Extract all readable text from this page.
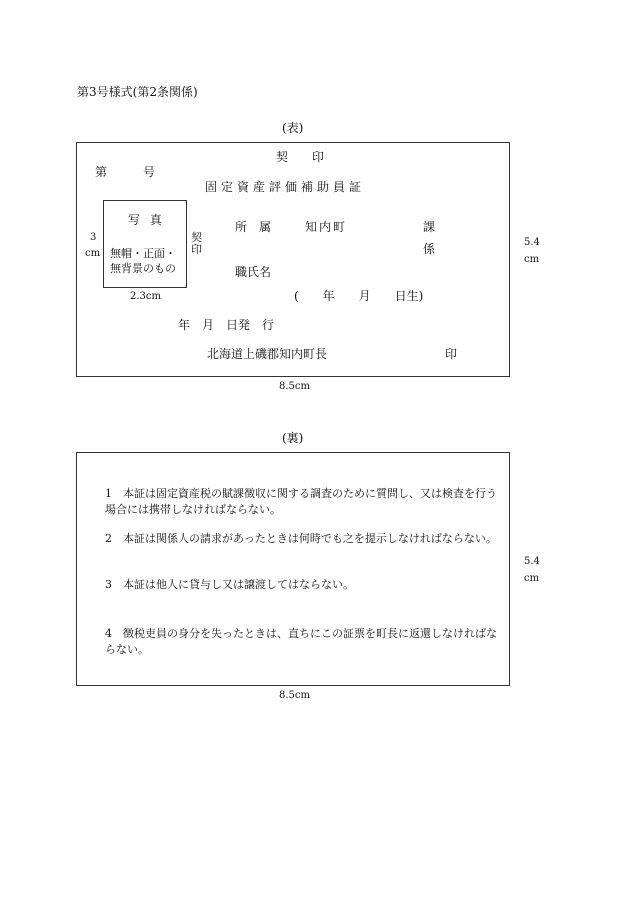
第3号様式(第2条関係)
(表)
契　　印
第　　　号
固定資産評価補助員証
写 真
無帽・正面・
無背景のもの
3
cm
2.3cm
契
印
所　属	知内町	課
係
職氏名
(　　年　　月　　日生)
年　月　日発　行
北海道上磯郡知内町長	印
8.5cm
5.4
cm
(裏)
1　本証は固定資産税の賦課徴収に関する調査のために質問し、又は検査を行う場合には携帯しなければならない。
2　本証は関係人の請求があったときは何時でも之を提示しなければならない。
3　本証は他人に貸与し又は譲渡してはならない。
4　徴税吏員の身分を失ったときは、直ちにこの証票を町長に返還しなければならない。
8.5cm
5.4
cm
